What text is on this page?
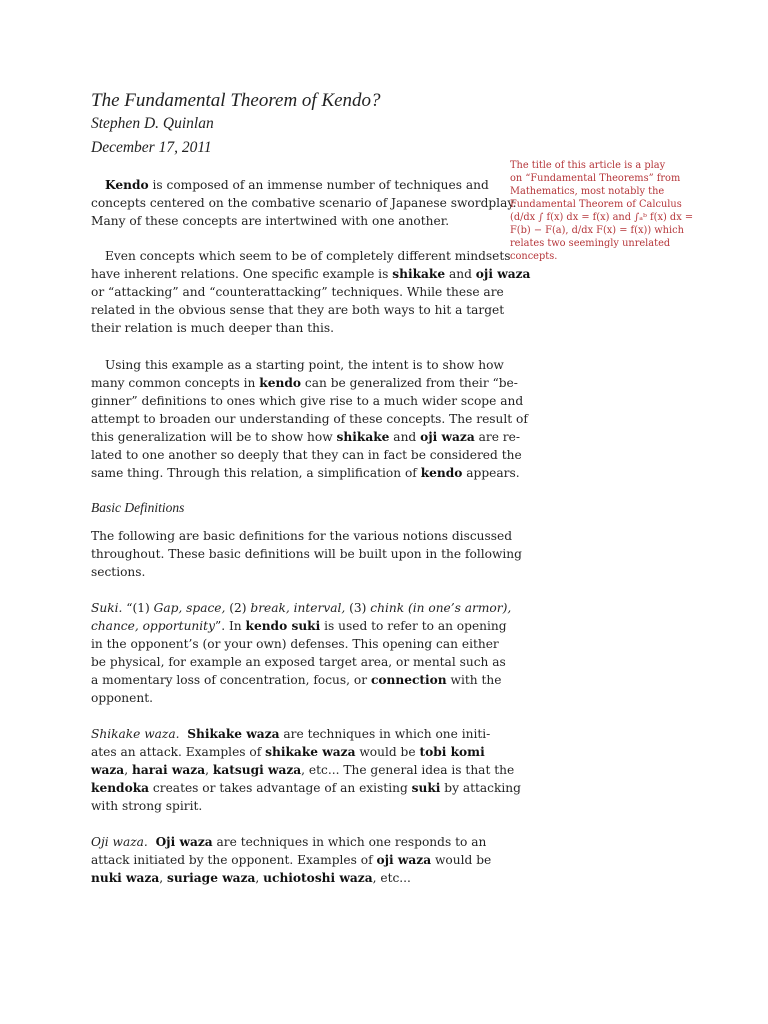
The Fundamental Theorem of Kendo?
Stephen D. Quinlan
December 17, 2011

Kendo is composed of an immense number of techniques and
concepts centered on the combative scenario of Japanese swordplay.
Many of these concepts are intertwined with one another.

Even concepts which seem to be of completely different mindsets
have inherent relations. One specific example is shikake and oji waza
or “attacking” and “counterattacking” techniques. While these are
related in the obvious sense that they are both ways to hit a target
their relation is much deeper than this.

Using this example as a starting point, the intent is to show how
many common concepts in kendo can be generalized from their “be-
ginner” definitions to ones which give rise to a much wider scope and
attempt to broaden our understanding of these concepts. The result of
this generalization will be to show how shikake and oji waza are re-
lated to one another so deeply that they can in fact be considered the
same thing. Through this relation, a simplification of kendo appears.

Basic Definitions

The following are basic definitions for the various notions discussed
throughout. These basic definitions will be built upon in the following
sections.

Suki. “(1) Gap, space, (2) break, interval, (3) chink (in one’s armor),
chance, opportunity”. In kendo suki is used to refer to an opening
in the opponent’s (or your own) defenses. This opening can either
be physical, for example an exposed target area, or mental such as
a momentary loss of concentration, focus, or connection with the
opponent.

Shikake waza. Shikake waza are techniques in which one initi-
ates an attack. Examples of shikake waza would be tobi komi
waza, harai waza, katsugi waza, etc... The general idea is that the
kendoka creates or takes advantage of an existing suki by attacking
with strong spirit.

Oji waza. Oji waza are techniques in which one responds to an
attack initiated by the opponent. Examples of oji waza would be
nuki waza, suriage waza, uchiotoshi waza, etc...

The title of this article is a play
on “Fundamental Theorems” from
Mathematics, most notably the
Fundamental Theorem of Calculus
(d/dx ∫ f(x) dx = f(x) and ∫ₐᵇ f(x) dx =
F(b) − F(a), d/dx F(x) = f(x)) which
relates two seemingly unrelated
concepts.
